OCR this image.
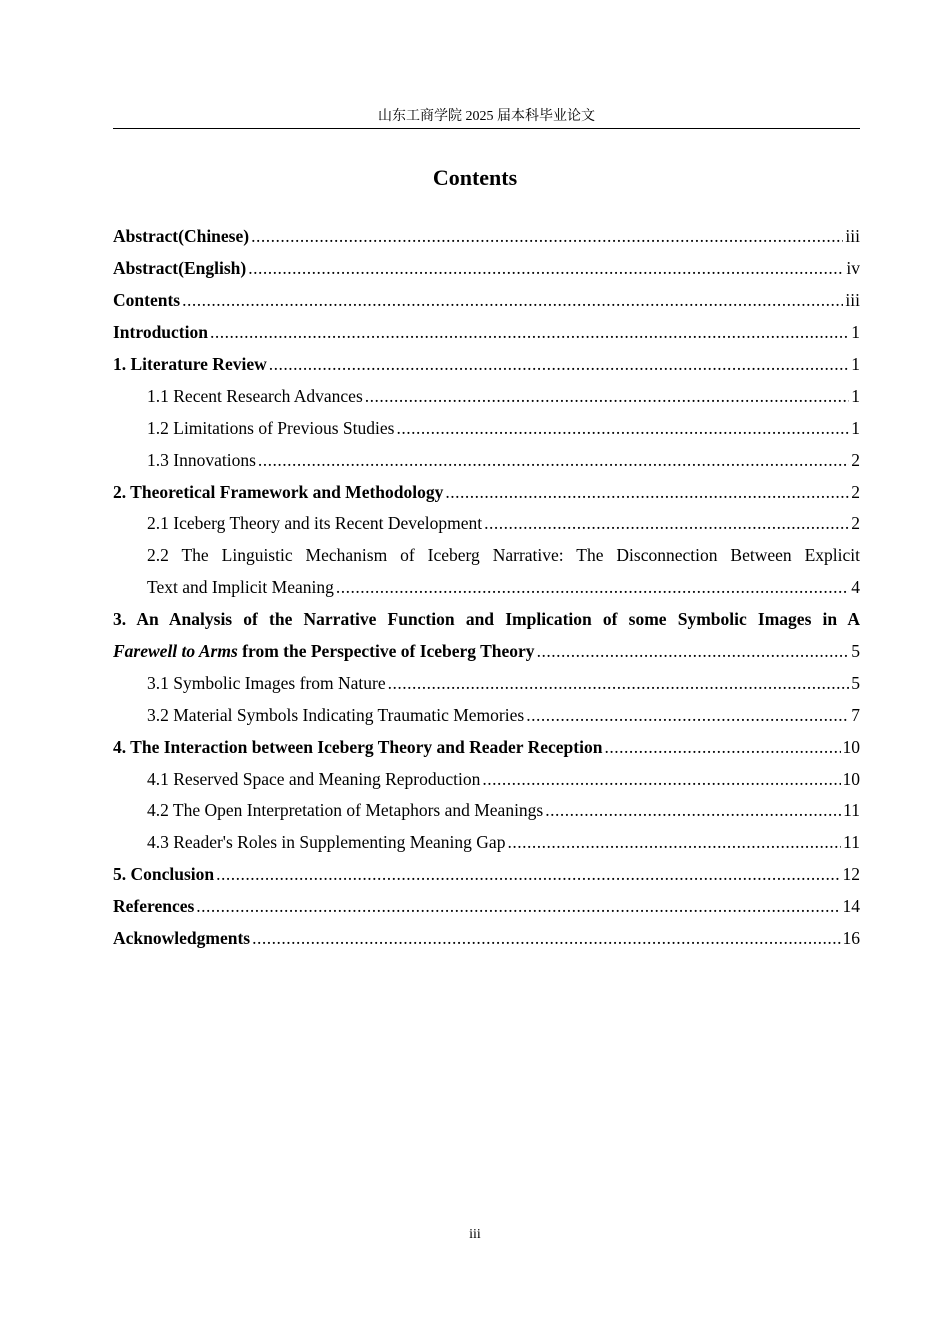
山东工商学院 2025 届本科毕业论文
Contents
Abstract(Chinese) .....	iii
Abstract(English) .....	iv
Contents .....	iii
Introduction .....	1
1. Literature Review .....	1
1.1 Recent Research Advances .....	1
1.2 Limitations of Previous Studies .....	1
1.3 Innovations .....	2
2. Theoretical Framework and Methodology .....	2
2.1 Iceberg Theory and its Recent Development .....	2
2.2 The Linguistic Mechanism of Iceberg Narrative: The Disconnection Between Explicit
Text and Implicit Meaning .....	4
3. An Analysis of the Narrative Function and Implication of some Symbolic Images in A
Farewell to Arms from the Perspective of Iceberg Theory .....	5
3.1 Symbolic Images from Nature .....	5
3.2 Material Symbols Indicating Traumatic Memories .....	7
4. The Interaction between Iceberg Theory and Reader Reception .....	10
4.1 Reserved Space and Meaning Reproduction .....	10
4.2 The Open Interpretation of Metaphors and Meanings .....	11
4.3 Reader's Roles in Supplementing Meaning Gap .....	11
5. Conclusion .....	12
References .....	14
Acknowledgments .....	16
iii
